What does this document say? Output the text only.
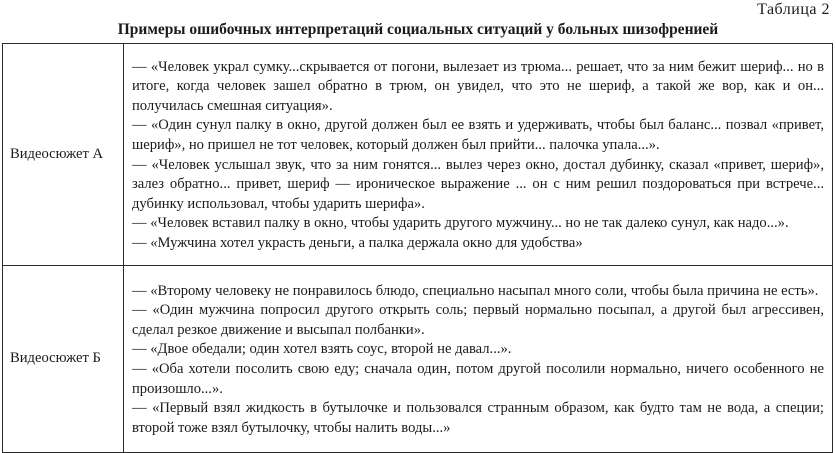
Таблица 2
Примеры ошибочных интерпретаций социальных ситуаций у больных шизофренией
Видеосюжет А	— «Человек украл сумку...скрывается от погони, вылезает из трюма... решает, что за ним бежит шериф... но в итоге, когда человек зашел обратно в трюм, он увидел, что это не шериф, а такой же вор, как и он... получилась смешная ситуация».
— «Один сунул палку в окно, другой должен был ее взять и удерживать, чтобы был баланс... позвал «привет, шериф», но пришел не тот человек, который должен был прийти... палочка упала...».
— «Человек услышал звук, что за ним гонятся... вылез через окно, достал дубинку, сказал «привет, шериф», залез обратно... привет, шериф — ироническое выражение ... он с ним решил поздороваться при встрече... дубинку использовал, чтобы ударить шерифа».
— «Человек вставил палку в окно, чтобы ударить другого мужчину... но не так далеко сунул, как надо...».
— «Мужчина хотел украсть деньги, а палка держала окно для удобства»

Видеосюжет Б	— «Второму человеку не понравилось блюдо, специально насыпал много соли, чтобы была причина не есть».
— «Один мужчина попросил другого открыть соль; первый нормально посыпал, а другой был агрессивен, сделал резкое движение и высыпал полбанки».
— «Двое обедали; один хотел взять соус, второй не давал...».
— «Оба хотели посолить свою еду; сначала один, потом другой посолили нормально, ничего особенного не произошло...».
— «Первый взял жидкость в бутылочке и пользовался странным образом, как будто там не вода, а специи; второй тоже взял бутылочку, чтобы налить воды...»
